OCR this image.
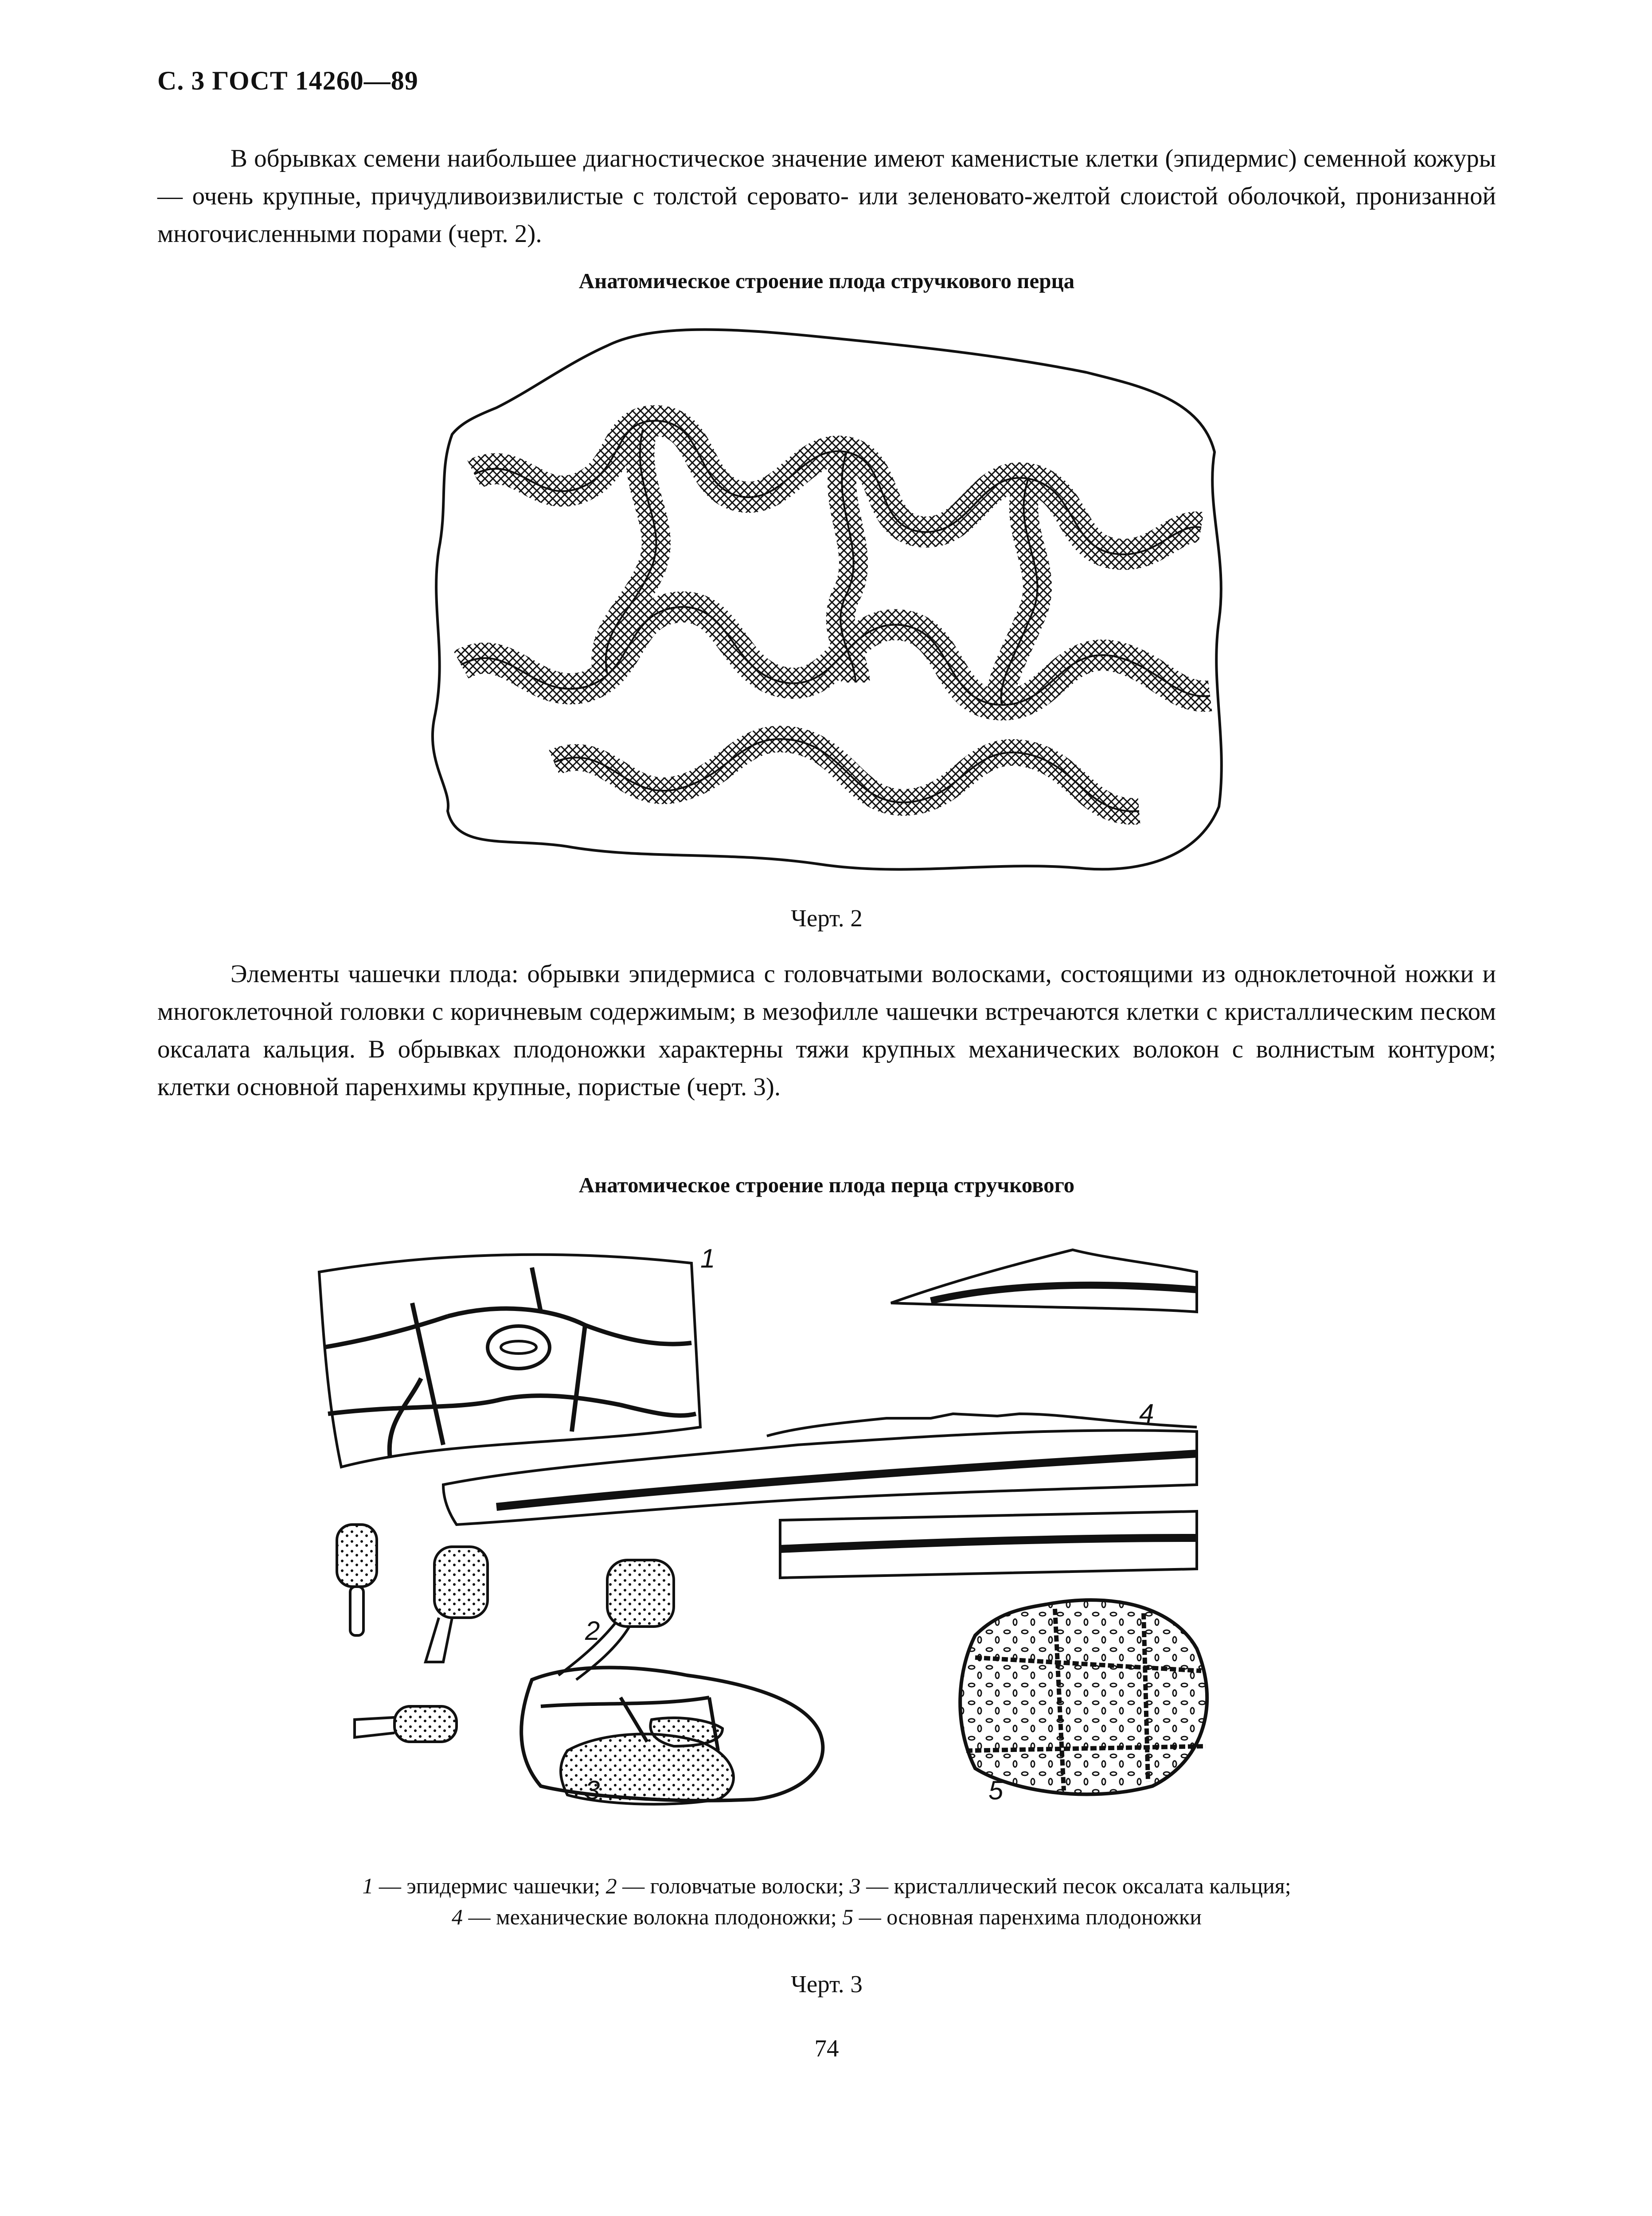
С. 3 ГОСТ 14260—89

В обрывках семени наибольшее диагностическое значение имеют каменистые клетки (эпидермис) семенной кожуры — очень крупные, причудливоизвилистые с толстой серовато- или зеленовато-желтой слоистой оболочкой, пронизанной многочисленными порами (черт. 2).

Анатомическое строение плода стручкового перца
Черт. 2

Элементы чашечки плода: обрывки эпидермиса с головчатыми волосками, состоящими из одноклеточной ножки и многоклеточной головки с коричневым содержимым; в мезофилле чашечки встречаются клетки с кристаллическим песком оксалата кальция. В обрывках плодоножки характерны тяжи крупных механических волокон с волнистым контуром; клетки основной паренхимы крупные, пористые (черт. 3).

Анатомическое строение плода перца стручкового
1
4
2
3	5
1 — эпидермис чашечки; 2 — головчатые волоски; 3 — кристаллический песок оксалата кальция;
4 — механические волокна плодоножки; 5 — основная паренхима плодоножки
Черт. 3
74
